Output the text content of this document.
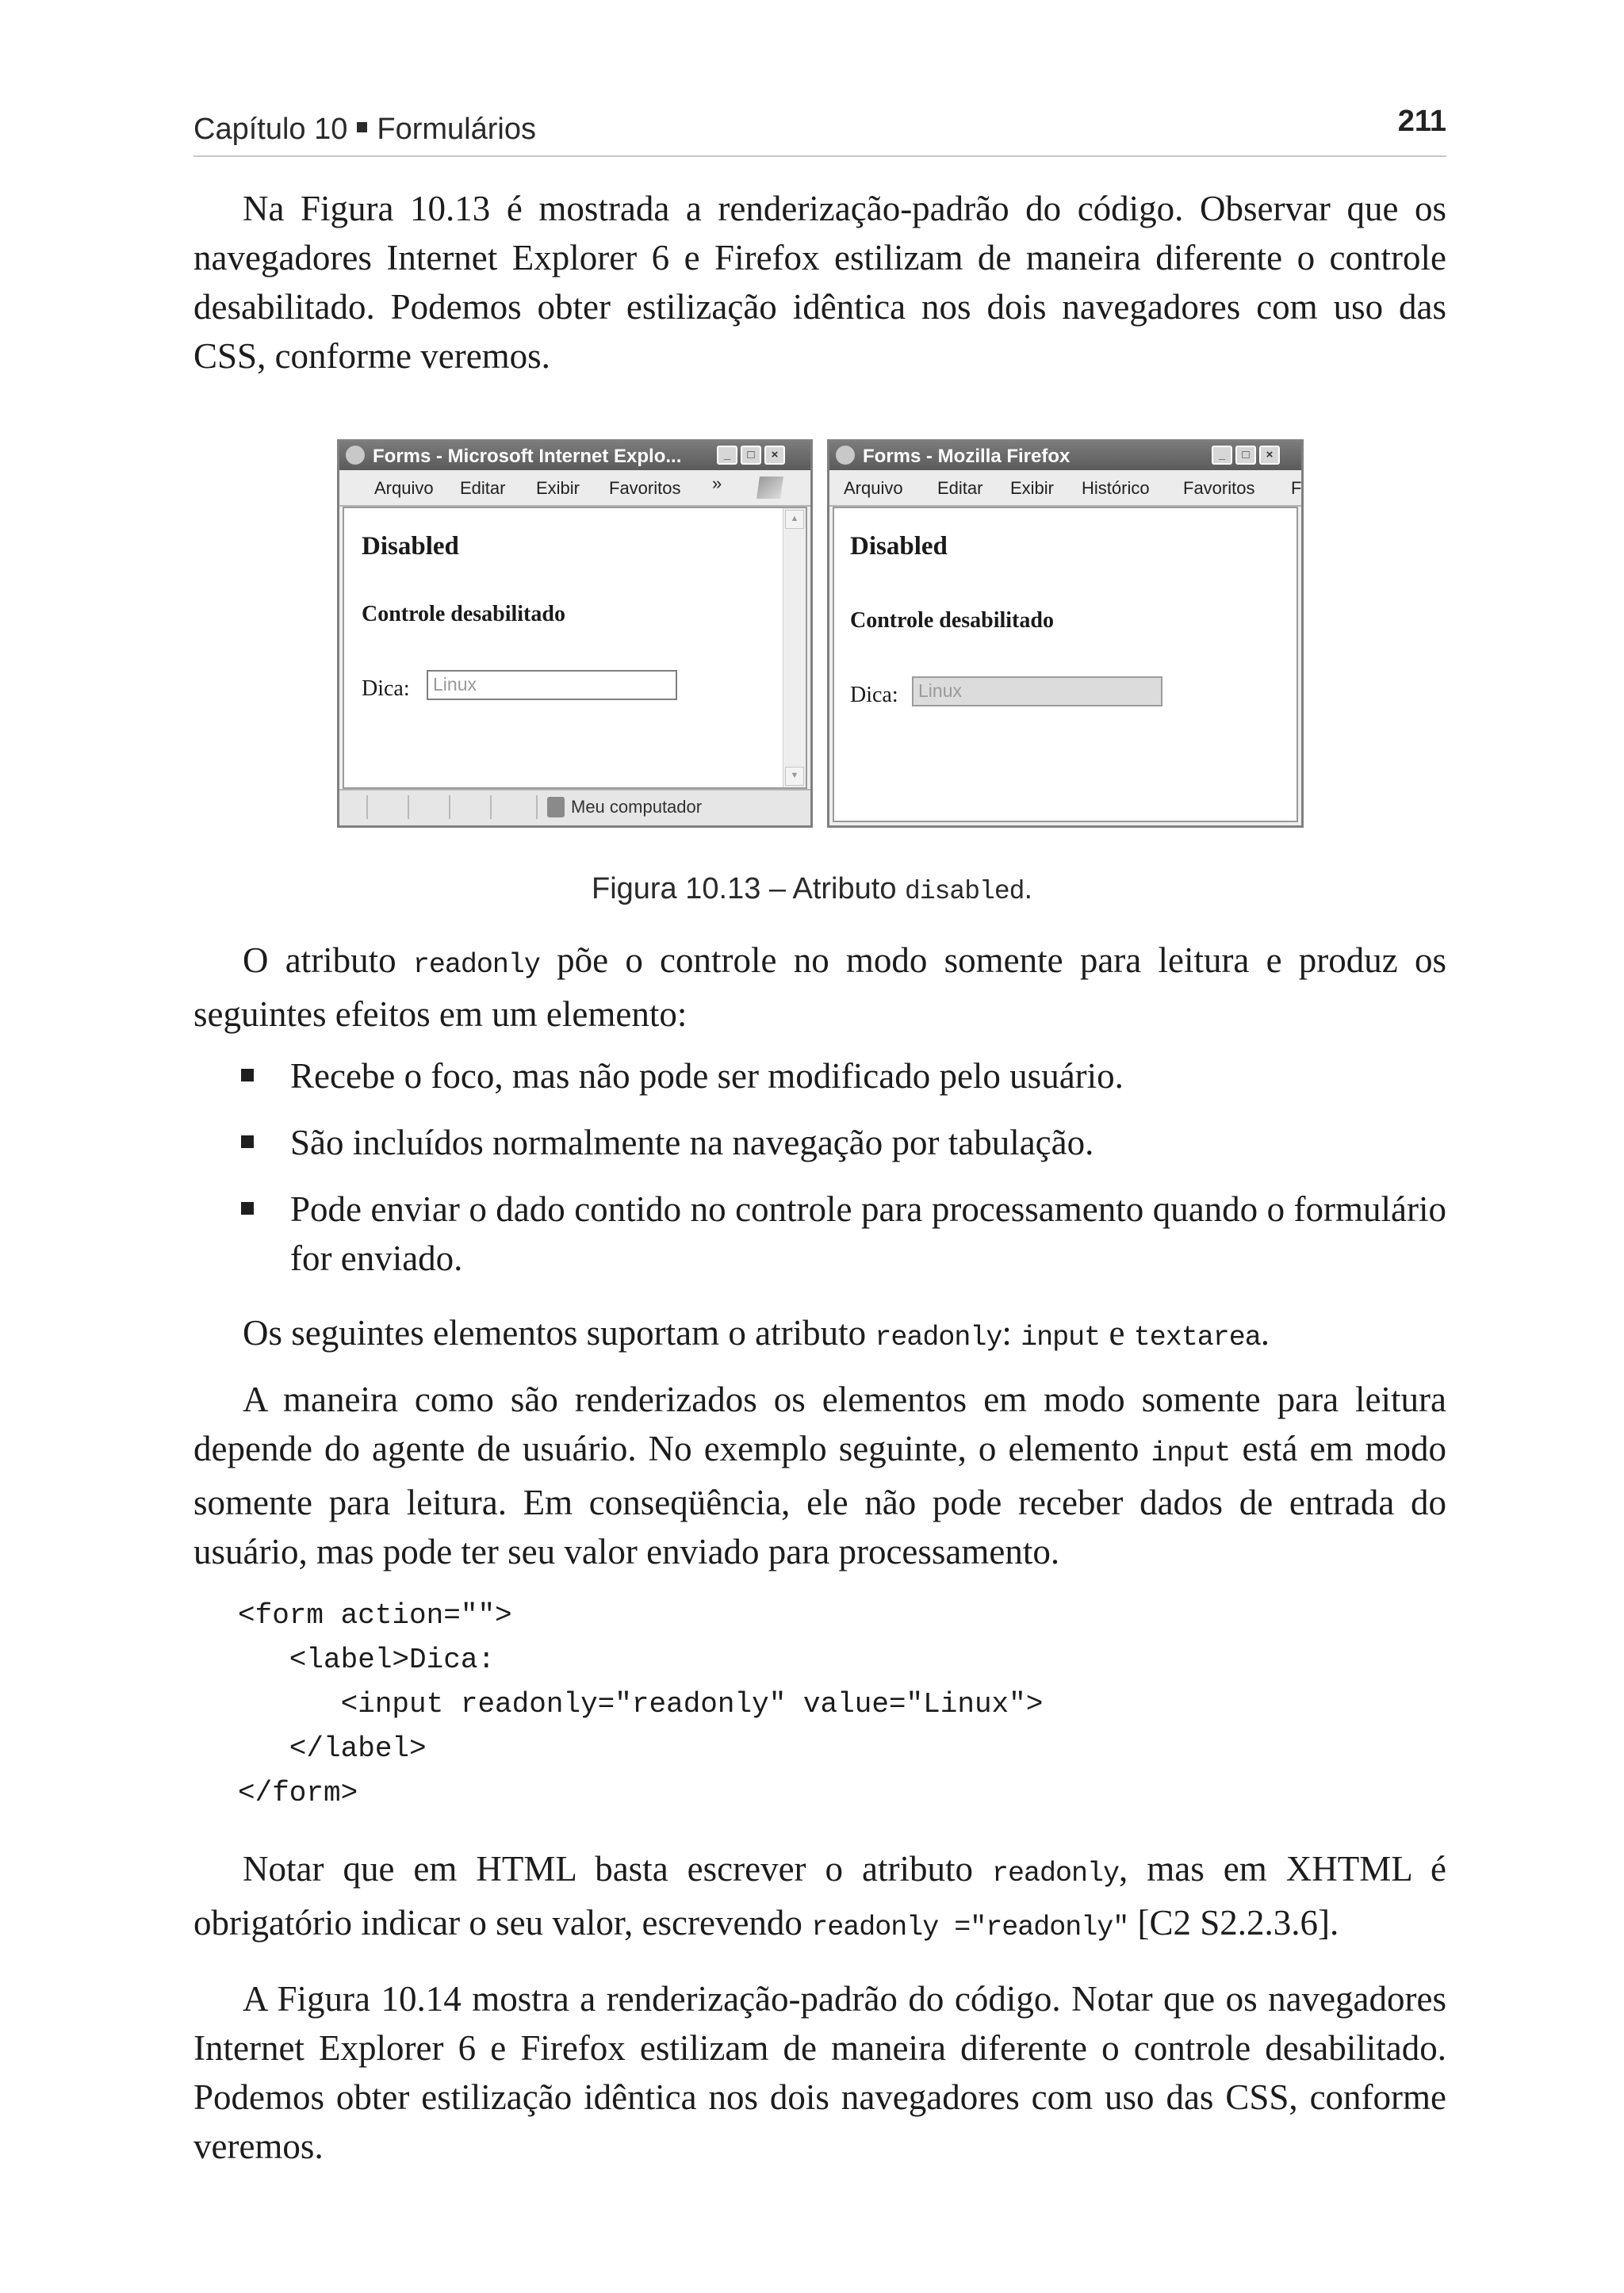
Capítulo 10 Formulários	211

Na Figura 10.13 é mostrada a renderização-padrão do código. Observar que os navegadores Internet Explorer 6 e Firefox estilizam de maneira diferente o controle desabilitado. Podemos obter estilização idêntica nos dois navegadores com uso das CSS, conforme veremos.

Forms - Microsoft Internet Explo...	_	□	×
Arquivo Editar Exibir Favoritos »
Disabled
Controle desabilitado
Dica:	Linux
▲
▼
Meu computador
Forms - Mozilla Firefox	_	□	×
Arquivo Editar Exibir Histórico Favoritos F
Disabled
Controle desabilitado
Dica:	Linux
Figura 10.13 – Atributo disabled.

O atributo readonly põe o controle no modo somente para leitura e produz os seguintes efeitos em um elemento:

Recebe o foco, mas não pode ser modificado pelo usuário.
São incluídos normalmente na navegação por tabulação.
Pode enviar o dado contido no controle para processamento quando o formulário for enviado.

Os seguintes elementos suportam o atributo readonly: input e textarea.

A maneira como são renderizados os elementos em modo somente para leitura depende do agente de usuário. No exemplo seguinte, o elemento input está em modo somente para leitura. Em conseqüência, ele não pode receber dados de entrada do usuário, mas pode ter seu valor enviado para processamento.

<form action="">
<label>Dica:
<input readonly="readonly" value="Linux">
</label>
</form>

Notar que em HTML basta escrever o atributo readonly, mas em XHTML é obrigatório indicar o seu valor, escrevendo readonly ="readonly" [C2 S2.2.3.6].

A Figura 10.14 mostra a renderização-padrão do código. Notar que os navegadores Internet Explorer 6 e Firefox estilizam de maneira diferente o controle desabilitado. Podemos obter estilização idêntica nos dois navegadores com uso das CSS, conforme veremos.
